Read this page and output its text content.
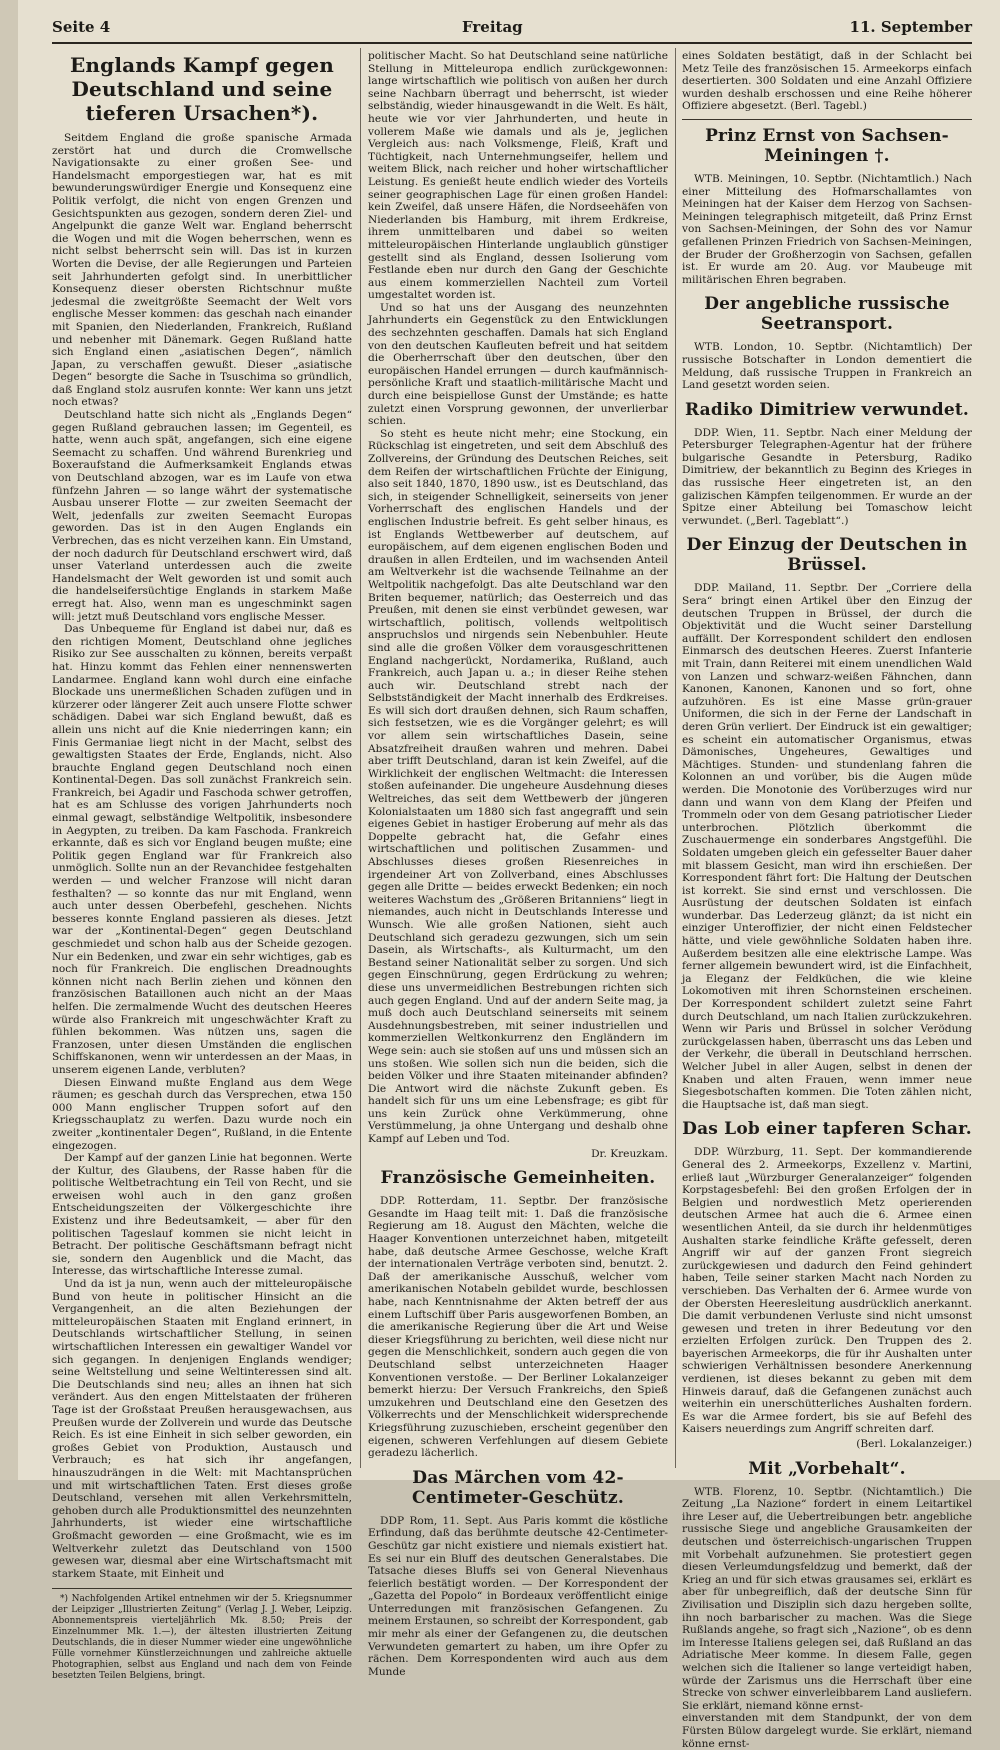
Seite 4	Freitag	11. September
Englands Kampf gegen Deutschland und seine tieferen Ursachen*).

Seitdem England die große spanische Armada zerstört hat und durch die Cromwellsche Navigationsakte zu einer großen See- und Handelsmacht emporgestiegen war, hat es mit bewunderungswürdiger Energie und Konsequenz eine Politik verfolgt, die nicht von engen Grenzen und Gesichtspunkten aus gezogen, sondern deren Ziel- und Angelpunkt die ganze Welt war. England beherrscht die Wogen und mit die Wogen beherrschen, wenn es nicht selbst beherrscht sein will. Das ist in kurzen Worten die Devise, der alle Regierungen und Parteien seit Jahrhunderten gefolgt sind. In unerbittlicher Konsequenz dieser obersten Richtschnur mußte jedesmal die zweitgrößte Seemacht der Welt vors englische Messer kommen: das geschah nach einander mit Spanien, den Niederlanden, Frankreich, Rußland und nebenher mit Dänemark. Gegen Rußland hatte sich England einen „asiatischen Degen“, nämlich Japan, zu verschaffen gewußt. Dieser „asiatische Degen“ besorgte die Sache in Tsuschima so gründlich, daß England stolz ausrufen konnte: Wer kann uns jetzt noch etwas?

Deutschland hatte sich nicht als „Englands Degen“ gegen Rußland gebrauchen lassen; im Gegenteil, es hatte, wenn auch spät, angefangen, sich eine eigene Seemacht zu schaffen. Und während Burenkrieg und Boxeraufstand die Aufmerksamkeit Englands etwas von Deutschland abzogen, war es im Laufe von etwa fünfzehn Jahren — so lange währt der systematische Ausbau unserer Flotte — zur zweiten Seemacht der Welt, jedenfalls zur zweiten Seemacht Europas geworden. Das ist in den Augen Englands ein Verbrechen, das es nicht verzeihen kann. Ein Umstand, der noch dadurch für Deutschland erschwert wird, daß unser Vaterland unterdessen auch die zweite Handelsmacht der Welt geworden ist und somit auch die handelseifersüchtige Englands in starkem Maße erregt hat. Also, wenn man es ungeschminkt sagen will: jetzt muß Deutschland vors englische Messer.

Das Unbequeme für England ist dabei nur, daß es den richtigen Moment, Deutschland ohne jegliches Risiko zur See ausschalten zu können, bereits verpaßt hat. Hinzu kommt das Fehlen einer nennenswerten Landarmee. England kann wohl durch eine einfache Blockade uns unermeßlichen Schaden zufügen und in kürzerer oder längerer Zeit auch unsere Flotte schwer schädigen. Dabei war sich England bewußt, daß es allein uns nicht auf die Knie niederringen kann; ein Finis Germaniae liegt nicht in der Macht, selbst des gewaltigsten Staates der Erde, Englands, nicht. Also brauchte England gegen Deutschland noch einen Kontinental-Degen. Das soll zunächst Frankreich sein. Frankreich, bei Agadir und Faschoda schwer getroffen, hat es am Schlusse des vorigen Jahrhunderts noch einmal gewagt, selbständige Weltpolitik, insbesondere in Aegypten, zu treiben. Da kam Faschoda. Frankreich erkannte, daß es sich vor England beugen mußte; eine Politik gegen England war für Frankreich also unmöglich. Sollte nun an der Revanchidee festgehalten werden — und welcher Franzose will nicht daran festhalten? — so konnte das nur mit England, wenn auch unter dessen Oberbefehl, geschehen. Nichts besseres konnte England passieren als dieses. Jetzt war der „Kontinental-Degen“ gegen Deutschland geschmiedet und schon halb aus der Scheide gezogen. Nur ein Bedenken, und zwar ein sehr wichtiges, gab es noch für Frankreich. Die englischen Dreadnoughts können nicht nach Berlin ziehen und können den französischen Bataillonen auch nicht an der Maas helfen. Die zermalmende Wucht des deutschen Heeres würde also Frankreich mit ungeschwächter Kraft zu fühlen bekommen. Was nützen uns, sagen die Franzosen, unter diesen Umständen die englischen Schiffskanonen, wenn wir unterdessen an der Maas, in unserem eigenen Lande, verbluten?

Diesen Einwand mußte England aus dem Wege räumen; es geschah durch das Versprechen, etwa 150 000 Mann englischer Truppen sofort auf den Kriegsschauplatz zu werfen. Dazu wurde noch ein zweiter „kontinentaler Degen“, Rußland, in die Entente eingezogen.

Der Kampf auf der ganzen Linie hat begonnen. Werte der Kultur, des Glaubens, der Rasse haben für die politische Weltbetrachtung ein Teil von Recht, und sie erweisen wohl auch in den ganz großen Entscheidungszeiten der Völkergeschichte ihre Existenz und ihre Bedeutsamkeit, — aber für den politischen Tageslauf kommen sie nicht leicht in Betracht. Der politische Geschäftsmann befragt nicht sie, sondern den Augenblick und die Macht, das Interesse, das wirtschaftliche Interesse zumal.

Und da ist ja nun, wenn auch der mitteleuropäische Bund von heute in politischer Hinsicht an die Vergangenheit, an die alten Beziehungen der mitteleuropäischen Staaten mit England erinnert, in Deutschlands wirtschaftlicher Stellung, in seinen wirtschaftlichen Interessen ein gewaltiger Wandel vor sich gegangen. In denjenigen Englands wendiger; seine Weltstellung und seine Weltinteressen sind alt. Die Deutschlands sind neu; alles an ihnen hat sich verändert. Aus den engen Mittelstaaten der früheren Tage ist der Großstaat Preußen herausgewachsen, aus Preußen wurde der Zollverein und wurde das Deutsche Reich. Es ist eine Einheit in sich selber geworden, ein großes Gebiet von Produktion, Austausch und Verbrauch; es hat sich ihr angefangen, hinauszudrängen in die Welt: mit Machtansprüchen und mit wirtschaftlichen Taten. Erst dieses große Deutschland, versehen mit allen Verkehrsmitteln, gehoben durch alle Produktionsmittel des neunzehnten Jahrhunderts, ist wieder eine wirtschaftliche Großmacht geworden — eine Großmacht, wie es im Weltverkehr zuletzt das Deutschland von 1500 gewesen war, diesmal aber eine Wirtschaftsmacht mit starkem Staate, mit Einheit und

*) Nachfolgenden Artikel entnehmen wir der 5. Kriegsnummer der Leipziger „Illustrierten Zeitung“ (Verlag J. J. Weber, Leipzig. Abonnementspreis vierteljährlich Mk. 8.50; Preis der Einzelnummer Mk. 1.—), der ältesten illustrierten Zeitung Deutschlands, die in dieser Nummer wieder eine ungewöhnliche Fülle vornehmer Künstlerzeichnungen und zahlreiche aktuelle Photographien, selbst aus England und nach dem von Feinde besetzten Teilen Belgiens, bringt.

politischer Macht. So hat Deutschland seine natürliche Stellung in Mitteleuropa endlich zurückgewonnen: lange wirtschaftlich wie politisch von außen her durch seine Nachbarn überragt und beherrscht, ist wieder selbständig, wieder hinausgewandt in die Welt. Es hält, heute wie vor vier Jahrhunderten, und heute in vollerem Maße wie damals und als je, jeglichen Vergleich aus: nach Volksmenge, Fleiß, Kraft und Tüchtigkeit, nach Unternehmungseifer, hellem und weitem Blick, nach reicher und hoher wirtschaftlicher Leistung. Es genießt heute endlich wieder des Vorteils seiner geographischen Lage für einen großen Handel: kein Zweifel, daß unsere Häfen, die Nordseehäfen von Niederlanden bis Hamburg, mit ihrem Erdkreise, ihrem unmittelbaren und dabei so weiten mitteleuropäischen Hinterlande unglaublich günstiger gestellt sind als England, dessen Isolierung vom Festlande eben nur durch den Gang der Geschichte aus einem kommerziellen Nachteil zum Vorteil umgestaltet worden ist.

Und so hat uns der Ausgang des neunzehnten Jahrhunderts ein Gegenstück zu den Entwicklungen des sechzehnten geschaffen. Damals hat sich England von den deutschen Kaufleuten befreit und hat seitdem die Oberherrschaft über den deutschen, über den europäischen Handel errungen — durch kaufmännisch-persönliche Kraft und staatlich-militärische Macht und durch eine beispiellose Gunst der Umstände; es hatte zuletzt einen Vorsprung gewonnen, der unverlierbar schien.

So steht es heute nicht mehr; eine Stockung, ein Rückschlag ist eingetreten, und seit dem Abschluß des Zollvereins, der Gründung des Deutschen Reiches, seit dem Reifen der wirtschaftlichen Früchte der Einigung, also seit 1840, 1870, 1890 usw., ist es Deutschland, das sich, in steigender Schnelligkeit, seinerseits von jener Vorherrschaft des englischen Handels und der englischen Industrie befreit. Es geht selber hinaus, es ist Englands Wettbewerber auf deutschem, auf europäischem, auf dem eigenen englischen Boden und draußen in allen Erdteilen, und im wachsenden Anteil am Weltverkehr ist die wachsende Teilnahme an der Weltpolitik nachgefolgt. Das alte Deutschland war den Briten bequemer, natürlich; das Oesterreich und das Preußen, mit denen sie einst verbündet gewesen, war wirtschaftlich, politisch, vollends weltpolitisch anspruchslos und nirgends sein Nebenbuhler. Heute sind alle die großen Völker dem vorausgeschrittenen England nachgerückt, Nordamerika, Rußland, auch Frankreich, auch Japan u. a.; in dieser Reihe stehen auch wir. Deutschland strebt nach der Selbstständigkeit der Macht innerhalb des Erdkreises. Es will sich dort draußen dehnen, sich Raum schaffen, sich festsetzen, wie es die Vorgänger gelehrt; es will vor allem sein wirtschaftliches Dasein, seine Absatzfreiheit draußen wahren und mehren. Dabei aber trifft Deutschland, daran ist kein Zweifel, auf die Wirklichkeit der englischen Weltmacht: die Interessen stoßen aufeinander. Die ungeheure Ausdehnung dieses Weltreiches, das seit dem Wettbewerb der jüngeren Kolonialstaaten um 1880 sich fast angegrafft und sein eigenes Gebiet in hastiger Eroberung auf mehr als das Doppelte gebracht hat, die Gefahr eines wirtschaftlichen und politischen Zusammen- und Abschlusses dieses großen Riesenreiches in irgendeiner Art von Zollverband, eines Abschlusses gegen alle Dritte — beides erweckt Bedenken; ein noch weiteres Wachstum des „Größeren Britanniens“ liegt in niemandes, auch nicht in Deutschlands Interesse und Wunsch. Wie alle großen Nationen, sieht auch Deutschland sich geradezu gezwungen, sich um sein Dasein, als Wirtschafts-, als Kulturmacht, um den Bestand seiner Nationalität selber zu sorgen. Und sich gegen Einschnürung, gegen Erdrückung zu wehren; diese uns unvermeidlichen Bestrebungen richten sich auch gegen England. Und auf der andern Seite mag, ja muß doch auch Deutschland seinerseits mit seinem Ausdehnungsbestreben, mit seiner industriellen und kommerziellen Weltkonkurrenz den Engländern im Wege sein: auch sie stoßen auf uns und müssen sich an uns stoßen. Wie sollen sich nun die beiden, sich die beiden Völker und ihre Staaten miteinander abfinden? Die Antwort wird die nächste Zukunft geben. Es handelt sich für uns um eine Lebensfrage; es gibt für uns kein Zurück ohne Verkümmerung, ohne Verstümmelung, ja ohne Untergang und deshalb ohne Kampf auf Leben und Tod.

Dr. Kreuzkam.
Französische Gemeinheiten.

DDP. Rotterdam, 11. Septbr. Der französische Gesandte im Haag teilt mit: 1. Daß die französische Regierung am 18. August den Mächten, welche die Haager Konventionen unterzeichnet haben, mitgeteilt habe, daß deutsche Armee Geschosse, welche Kraft der internationalen Verträge verboten sind, benutzt. 2. Daß der amerikanische Ausschuß, welcher vom amerikanischen Notabeln gebildet wurde, beschlossen habe, nach Kenntnisnahme der Akten betreff der aus einem Luftschiff über Paris ausgeworfenen Bomben, an die amerikanische Regierung über die Art und Weise dieser Kriegsführung zu berichten, weil diese nicht nur gegen die Menschlichkeit, sondern auch gegen die von Deutschland selbst unterzeichneten Haager Konventionen verstoße. — Der Berliner Lokalanzeiger bemerkt hierzu: Der Versuch Frankreichs, den Spieß umzukehren und Deutschland eine den Gesetzen des Völkerrechts und der Menschlichkeit widersprechende Kriegsführung zuzuschieben, erscheint gegenüber den eigenen, schweren Verfehlungen auf diesem Gebiete geradezu lächerlich.

Das Märchen vom 42-Centimeter-Geschütz.

DDP Rom, 11. Sept. Aus Paris kommt die köstliche Erfindung, daß das berühmte deutsche 42-Centimeter-Geschütz gar nicht existiere und niemals existiert hat. Es sei nur ein Bluff des deutschen Generalstabes. Die Tatsache dieses Bluffs sei von General Nievenhaus feierlich bestätigt worden. — Der Korrespondent der „Gazetta del Popolo“ in Bordeaux veröffentlicht einige Unterredungen mit französischen Gefangenen. Zu meinem Erstaunen, so schreibt der Korrespondent, gab mir mehr als einer der Gefangenen zu, die deutschen Verwundeten gemartert zu haben, um ihre Opfer zu rächen. Dem Korrespondenten wird auch aus dem Munde

eines Soldaten bestätigt, daß in der Schlacht bei Metz Teile des französischen 15. Armeekorps einfach desertierten. 300 Soldaten und eine Anzahl Offiziere wurden deshalb erschossen und eine Reihe höherer Offiziere abgesetzt. (Berl. Tagebl.)

Prinz Ernst von Sachsen-Meiningen †.

WTB. Meiningen, 10. Septbr. (Nichtamtlich.) Nach einer Mitteilung des Hofmarschallamtes von Meiningen hat der Kaiser dem Herzog von Sachsen-Meiningen telegraphisch mitgeteilt, daß Prinz Ernst von Sachsen-Meiningen, der Sohn des vor Namur gefallenen Prinzen Friedrich von Sachsen-Meiningen, der Bruder der Großherzogin von Sachsen, gefallen ist. Er wurde am 20. Aug. vor Maubeuge mit militärischen Ehren begraben.

Der angebliche russische Seetransport.

WTB. London, 10. Septbr. (Nichtamtlich) Der russische Botschafter in London dementiert die Meldung, daß russische Truppen in Frankreich an Land gesetzt worden seien.

Radiko Dimitriew verwundet.

DDP. Wien, 11. Septbr. Nach einer Meldung der Petersburger Telegraphen-Agentur hat der frühere bulgarische Gesandte in Petersburg, Radiko Dimitriew, der bekanntlich zu Beginn des Krieges in das russische Heer eingetreten ist, an den galizischen Kämpfen teilgenommen. Er wurde an der Spitze einer Abteilung bei Tomaschow leicht verwundet. („Berl. Tageblatt“.)

Der Einzug der Deutschen in Brüssel.

DDP. Mailand, 11. Septbr. Der „Corriere della Sera“ bringt einen Artikel über den Einzug der deutschen Truppen in Brüssel, der durch die Objektivität und die Wucht seiner Darstellung auffällt. Der Korrespondent schildert den endlosen Einmarsch des deutschen Heeres. Zuerst Infanterie mit Train, dann Reiterei mit einem unendlichen Wald von Lanzen und schwarz-weißen Fähnchen, dann Kanonen, Kanonen, Kanonen und so fort, ohne aufzuhören. Es ist eine Masse grün-grauer Uniformen, die sich in der Ferne der Landschaft in deren Grün verliert. Der Eindruck ist ein gewaltiger; es scheint ein automatischer Organismus, etwas Dämonisches, Ungeheures, Gewaltiges und Mächtiges. Stunden- und stundenlang fahren die Kolonnen an und vorüber, bis die Augen müde werden. Die Monotonie des Vorüberzuges wird nur dann und wann von dem Klang der Pfeifen und Trommeln oder von dem Gesang patriotischer Lieder unterbrochen. Plötzlich überkommt die Zuschauermenge ein sonderbares Angstgefühl. Die Soldaten umgeben gleich ein gefesselter Bauer daher mit blassem Gesicht, man wird ihn erschießen. Der Korrespondent fährt fort: Die Haltung der Deutschen ist korrekt. Sie sind ernst und verschlossen. Die Ausrüstung der deutschen Soldaten ist einfach wunderbar. Das Lederzeug glänzt; da ist nicht ein einziger Unteroffizier, der nicht einen Feldstecher hätte, und viele gewöhnliche Soldaten haben ihre. Außerdem besitzen alle eine elektrische Lampe. Was ferner allgemein bewundert wird, ist die Einfachheit, ja Eleganz der Feldküchen, die wie kleine Lokomotiven mit ihren Schornsteinen erscheinen. Der Korrespondent schildert zuletzt seine Fahrt durch Deutschland, um nach Italien zurückzukehren. Wenn wir Paris und Brüssel in solcher Verödung zurückgelassen haben, überrascht uns das Leben und der Verkehr, die überall in Deutschland herrschen. Welcher Jubel in aller Augen, selbst in denen der Knaben und alten Frauen, wenn immer neue Siegesbotschaften kommen. Die Toten zählen nicht, die Hauptsache ist, daß man siegt.

Das Lob einer tapferen Schar.

DDP. Würzburg, 11. Sept. Der kommandierende General des 2. Armeekorps, Exzellenz v. Martini, erließ laut „Würzburger Generalanzeiger“ folgenden Korpstagesbefehl: Bei den großen Erfolgen der in Belgien und nordwestlich Metz operierenden deutschen Armee hat auch die 6. Armee einen wesentlichen Anteil, da sie durch ihr heldenmütiges Aushalten starke feindliche Kräfte gefesselt, deren Angriff wir auf der ganzen Front siegreich zurückgewiesen und dadurch den Feind gehindert haben, Teile seiner starken Macht nach Norden zu verschieben. Das Verhalten der 6. Armee wurde von der Obersten Heeresleitung ausdrücklich anerkannt. Die damit verbundenen Verluste sind nicht umsonst gewesen und treten in ihrer Bedeutung vor den erzielten Erfolgen zurück. Den Truppen des 2. bayerischen Armeekorps, die für ihr Aushalten unter schwierigen Verhältnissen besondere Anerkennung verdienen, ist dieses bekannt zu geben mit dem Hinweis darauf, daß die Gefangenen zunächst auch weiterhin ein unerschütterliches Aushalten fordern. Es war die Armee fordert, bis sie auf Befehl des Kaisers neuerdings zum Angriff schreiten darf.

(Berl. Lokalanzeiger.)
Mit „Vorbehalt“.

WTB. Florenz, 10. Septbr. (Nichtamtlich.) Die Zeitung „La Nazione“ fordert in einem Leitartikel ihre Leser auf, die Uebertreibungen betr. angebliche russische Siege und angebliche Grausamkeiten der deutschen und österreichisch-ungarischen Truppen mit Vorbehalt aufzunehmen. Sie protestiert gegen diesen Verleumdungsfeldzug und bemerkt, daß der Krieg an und für sich etwas grausames sei, erklärt es aber für unbegreiflich, daß der deutsche Sinn für Zivilisation und Disziplin sich dazu hergeben sollte, ihn noch barbarischer zu machen. Was die Siege Rußlands angehe, so fragt sich „Nazione“, ob es denn im Interesse Italiens gelegen sei, daß Rußland an das Adriatische Meer komme. In diesem Falle, gegen welchen sich die Italiener so lange verteidigt haben, würde der Zarismus uns die Herrschaft über eine Strecke von schwer einverleibbarem Land ausliefern. Sie erklärt, niemand könne ernst-

einverstanden mit dem Standpunkt, der von dem Fürsten Bülow dargelegt wurde. Sie erklärt, niemand könne ernst-
